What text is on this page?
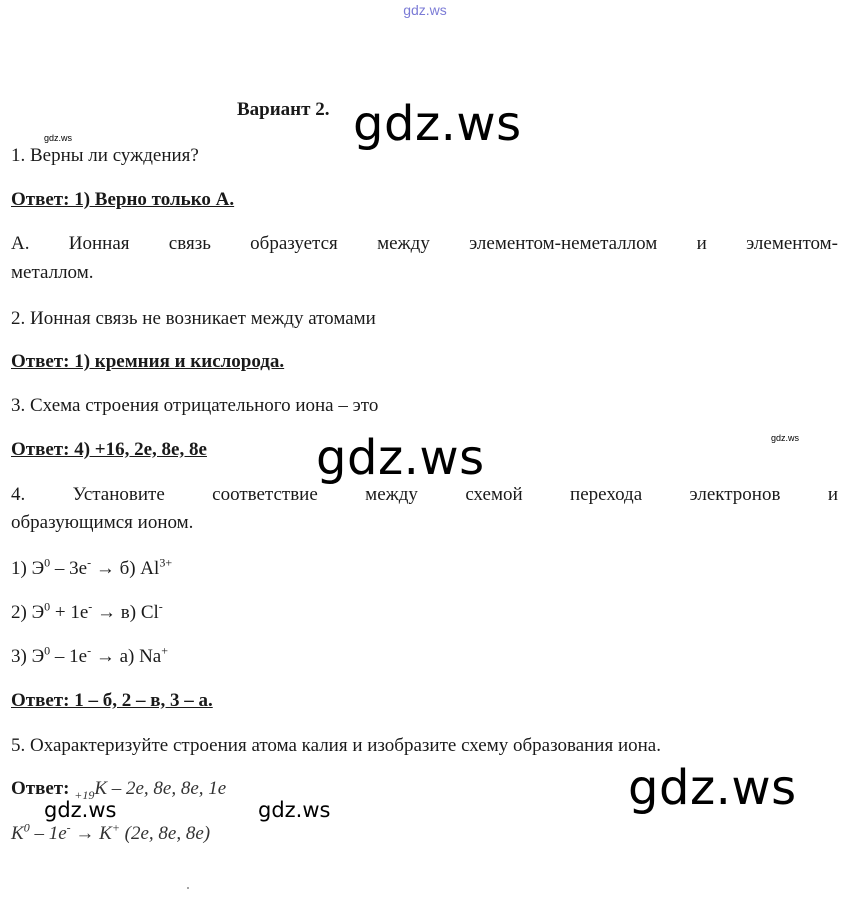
gdz.ws
Вариант 2. gdz.ws
gdz.ws
1. Верны ли суждения?
Ответ: 1) Верно только А.
А. Ионная связь образуется между элементом-неметаллом и элементом-
металлом.
2. Ионная связь не возникает между атомами
Ответ: 1) кремния и кислорода.
3. Схема строения отрицательного иона – это
gdz.ws
Ответ: 4) +16, 2е, 8е, 8е gdz.ws
4. Установите соответствие между схемой перехода электронов и
образующимся ионом.
1) $Э^0 - 3е^- \to б$) $Al^{3+}$
2) $Э^0 + 1е^- \to в$) Cl-
3) $Э^0 - 1е^- \to а$) Na+
Ответ: 1 – б, 2 – в, 3 – а.
5. Охарактеризуйте строения атома калия и изобразите схему образования иона.
gdz.ws
Ответ: $_{+19}$K – 2e, 8e, 8e, 1e
gdz.ws	gdz.ws
$K^0 - 1e^- \to K^+$ (2e, 8e, 8e)
